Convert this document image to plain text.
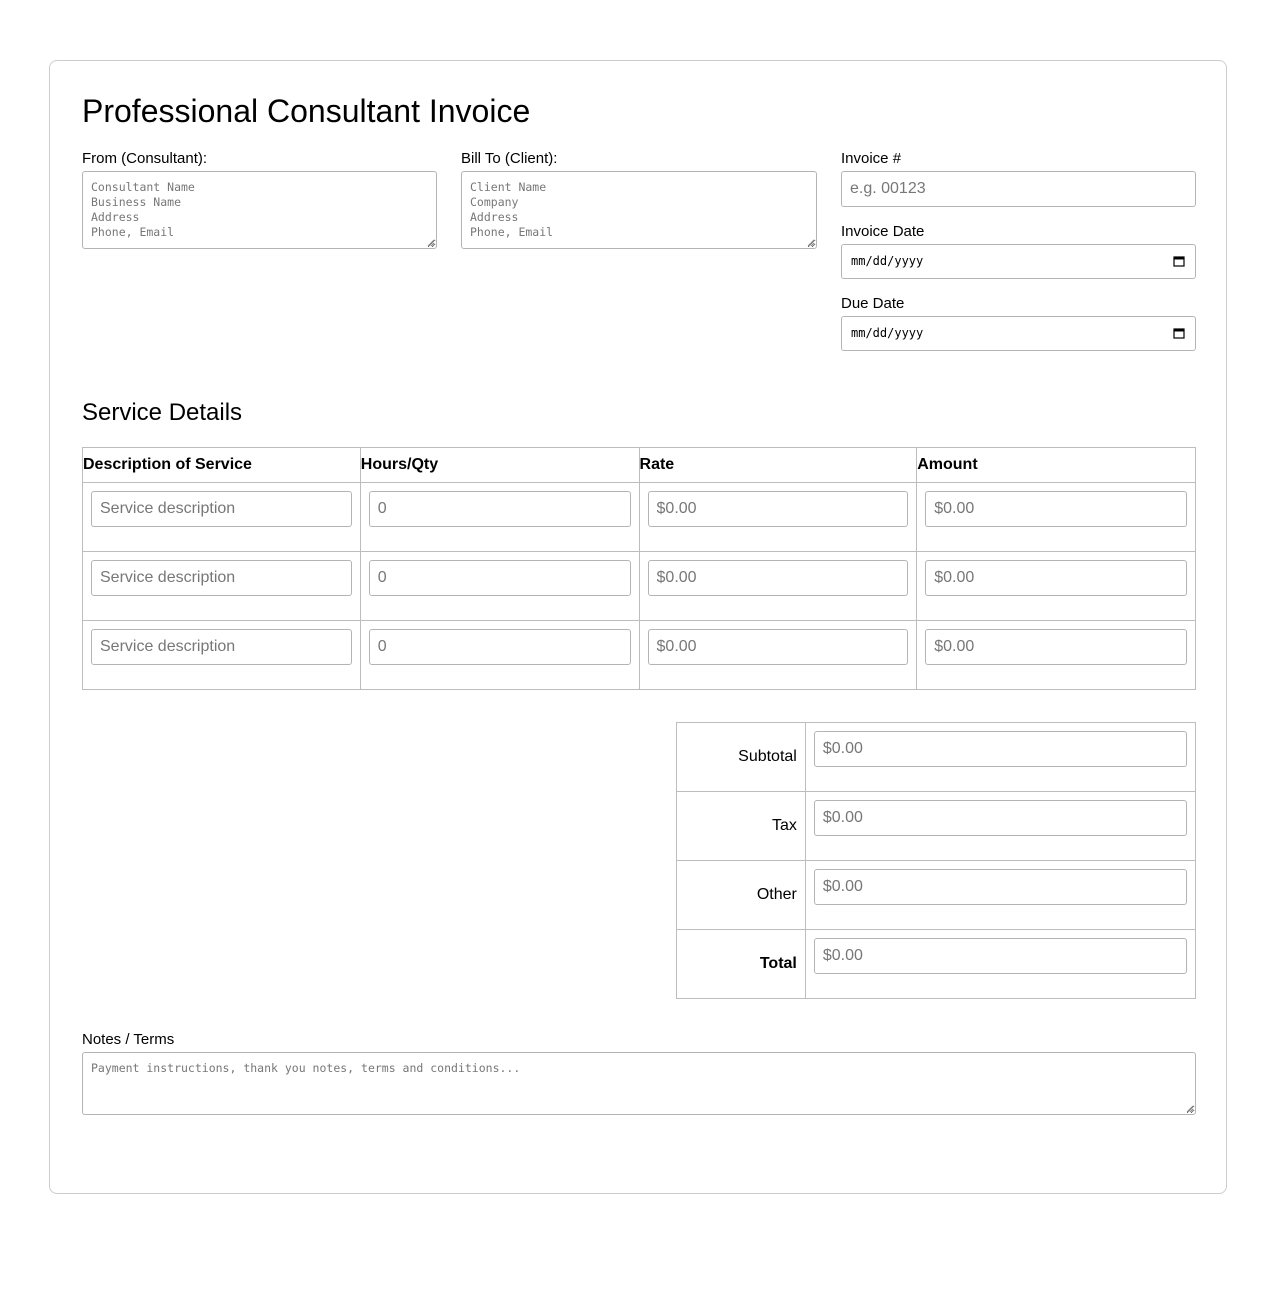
Professional Consultant Invoice
From (Consultant):
Consultant Name Business Name Address Phone, Email	Bill To (Client):
Client Name Company Address Phone, Email	Invoice #
e.g. 00123
Invoice Date
mm/dd/yyyy
Due Date
mm/dd/yyyy
Service Details
Description of Service	Hours/Qty	Rate	Amount

Service description	
0	
$0.00	
$0.00

Service description	
0	
$0.00	
$0.00

Service description	
0	
$0.00	
$0.00
Subtotal	
$0.00
Tax	
$0.00
Other	
$0.00
Total	
$0.00
Notes / Terms
Payment instructions, thank you notes, terms and conditions...
